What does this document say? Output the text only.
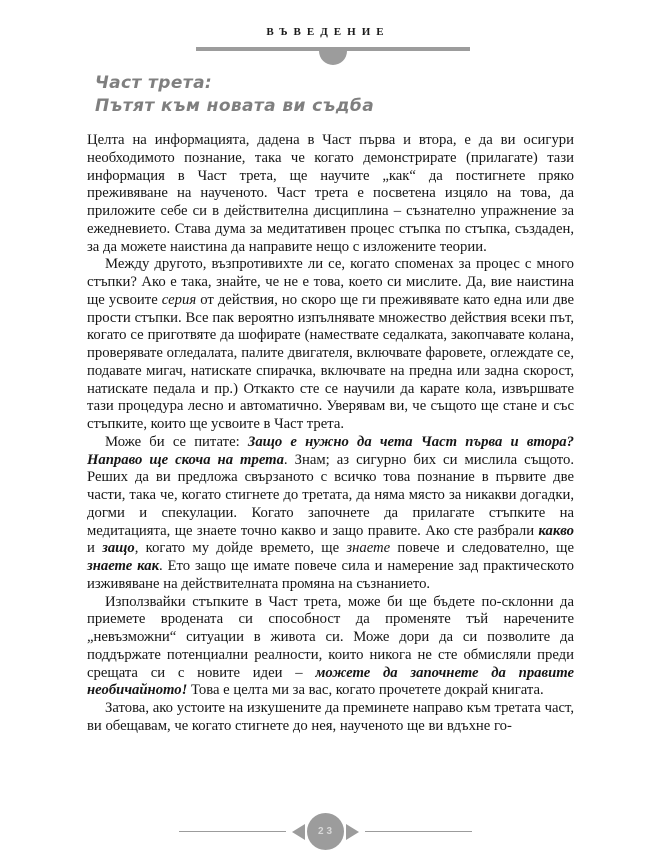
ВЪВЕДЕНИЕ
Част трета:
Пътят към новата ви съдба

Целта на информацията, дадена в Част първа и втора, е да ви осигури необходимото познание, така че когато демонстрирате (прилагате) тази информация в Част трета, ще научите „как“ да постигнете пряко преживяване на наученото. Част трета е посветена изцяло на това, да приложите себе си в действителна дисциплина – съзнателно упражнение за ежедневието. Става дума за медитативен процес стъпка по стъпка, създаден, за да можете наистина да направите нещо с изложените теории.

Между другото, възпротивихте ли се, когато споменах за процес с много стъпки? Ако е така, знайте, че не е това, което си мислите. Да, вие наистина ще усвоите серия от действия, но скоро ще ги преживявате като една или две прости стъпки. Все пак вероятно изпълнявате множество действия всеки път, когато се приготвяте да шофирате (намествате седалката, закопчавате колана, проверявате огледалата, палите двигателя, включвате фаровете, оглеждате се, подавате мигач, натискате спирачка, включвате на предна или задна скорост, натискате педала и пр.) Откакто сте се научили да карате кола, извършвате тази процедура лесно и автоматично. Уверявам ви, че същото ще стане и със стъпките, които ще усвоите в Част трета.

Може би се питате: Защо е нужно да чета Част първа и втора? Направо ще скоча на трета. Знам; аз сигурно бих си мислила същото. Реших да ви предложа свързаното с всичко това познание в първите две части, така че, когато стигнете до третата, да няма място за никакви догадки, догми и спекулации. Когато започнете да прилагате стъпките на медитацията, ще знаете точно какво и защо правите. Ако сте разбрали какво и защо, когато му дойде времето, ще знаете повече и следователно, ще знаете как. Ето защо ще имате повече сила и намерение зад практическото изживяване на действителната промяна на съзнанието.

Използвайки стъпките в Част трета, може би ще бъдете по-склонни да приемете вродената си способност да променяте тъй наречените „невъзможни“ ситуации в живота си. Може дори да си позволите да поддържате потенциални реалности, които никога не сте обмисляли преди срещата си с новите идеи – можете да започнете да правите необичайното! Това е целта ми за вас, когато прочетете докрай книгата.

Затова, ако устоите на изкушените да преминете направо към третата част, ви обещавам, че когато стигнете до нея, наученото ще ви вдъхне го-

23
